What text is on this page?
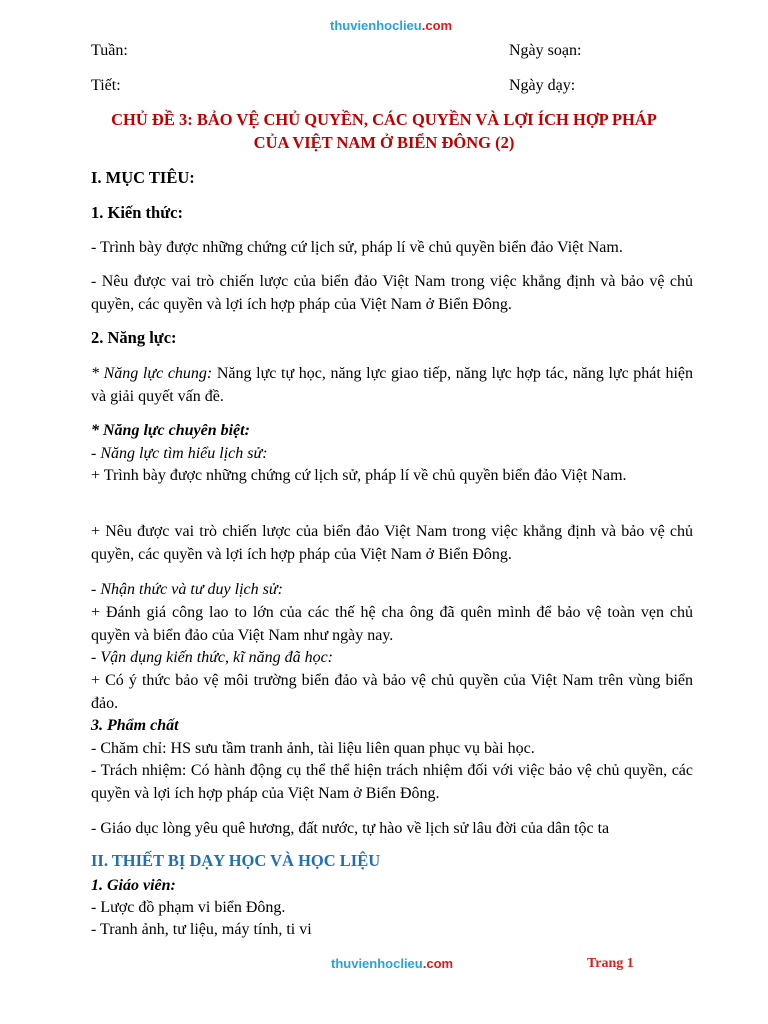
thuvienhoclieu.com
Tuần:	Ngày soạn:
Tiết:	Ngày dạy:
CHỦ ĐỀ 3: BẢO VỆ CHỦ QUYỀN, CÁC QUYỀN VÀ LỢI ÍCH HỢP PHÁP
CỦA VIỆT NAM Ở BIỂN ĐÔNG (2)
I. MỤC TIÊU:
1. Kiến thức:
- Trình bày được những chứng cứ lịch sử, pháp lí về chủ quyền biển đảo Việt Nam.
- Nêu được vai trò chiến lược của biển đảo Việt Nam trong việc khẳng định và bảo vệ chủ quyền, các quyền và lợi ích hợp pháp của Việt Nam ở Biển Đông.
2. Năng lực:
* Năng lực chung: Năng lực tự học, năng lực giao tiếp, năng lực hợp tác, năng lực phát hiện và giải quyết vấn đề.
* Năng lực chuyên biệt:
- Năng lực tìm hiểu lịch sử:
+ Trình bày được những chứng cứ lịch sử, pháp lí về chủ quyền biển đảo Việt Nam.
+ Nêu được vai trò chiến lược của biển đảo Việt Nam trong việc khẳng định và bảo vệ chủ quyền, các quyền và lợi ích hợp pháp của Việt Nam ở Biển Đông.
- Nhận thức và tư duy lịch sử:
+ Đánh giá công lao to lớn của các thế hệ cha ông đã quên mình để bảo vệ toàn vẹn chủ quyền và biển đảo của Việt Nam như ngày nay.
- Vận dụng kiến thức, kĩ năng đã học:
+ Có ý thức bảo vệ môi trường biển đảo và bảo vệ chủ quyền của Việt Nam trên vùng biển đảo.
3. Phẩm chất
- Chăm chỉ: HS sưu tầm tranh ảnh, tài liệu liên quan phục vụ bài học.
- Trách nhiệm: Có hành động cụ thể thể hiện trách nhiệm đối với việc bảo vệ chủ quyền, các quyền và lợi ích hợp pháp của Việt Nam ở Biển Đông.
- Giáo dục lòng yêu quê hương, đất nước, tự hào về lịch sử lâu đời của dân tộc ta
II. THIẾT BỊ DẠY HỌC VÀ HỌC LIỆU
1. Giáo viên:
- Lược đồ phạm vi biển Đông.
- Tranh ảnh, tư liệu, máy tính, ti vi
thuvienhoclieu.com	Trang 1
